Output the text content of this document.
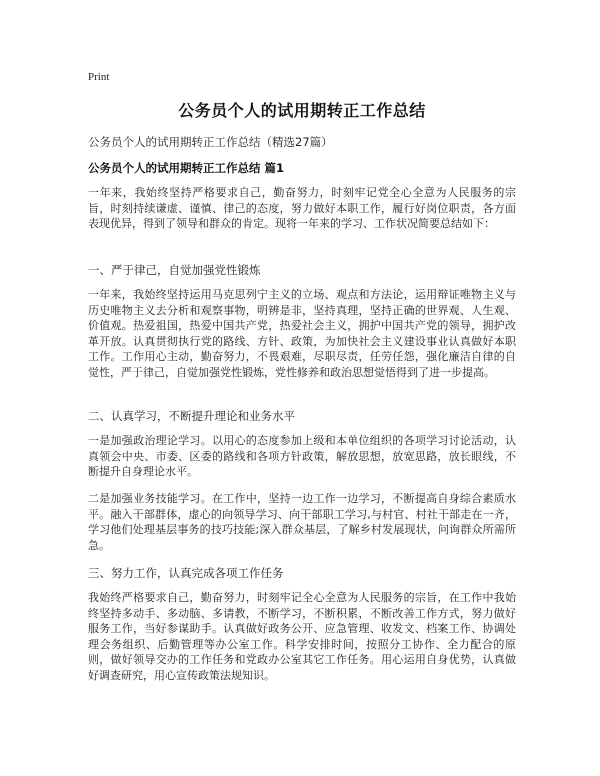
Print
公务员个人的试用期转正工作总结
公务员个人的试用期转正工作总结（精选27篇）
公务员个人的试用期转正工作总结 篇1
一年来，我始终坚持严格要求自己，勤奋努力，时刻牢记党全心全意为人民服务的宗旨，时刻持续谦虚、谨慎、律己的态度，努力做好本职工作，履行好岗位职责，各方面表现优异，得到了领导和群众的肯定。现将一年来的学习、工作状况简要总结如下：
一、严于律己，自觉加强党性锻炼
一年来，我始终坚持运用马克思列宁主义的立场、观点和方法论，运用辩证唯物主义与历史唯物主义去分析和观察事物，明辨是非，坚持真理，坚持正确的世界观、人生观、价值观。热爱祖国，热爱中国共产党，热爱社会主义，拥护中国共产党的领导，拥护改革开放。认真贯彻执行党的路线、方针、政策，为加快社会主义建设事业认真做好本职工作。工作用心主动，勤奋努力，不畏艰难，尽职尽责，任劳任怨，强化廉洁自律的自觉性，严于律己，自觉加强党性锻炼，党性修养和政治思想觉悟得到了进一步提高。
二、认真学习，不断提升理论和业务水平
一是加强政治理论学习。以用心的态度参加上级和本单位组织的各项学习讨论活动，认真领会中央、市委、区委的路线和各项方针政策，解放思想，放宽思路，放长眼线，不断提升自身理论水平。
二是加强业务技能学习。在工作中，坚持一边工作一边学习，不断提高自身综合素质水平。融入干部群体，虚心的向领导学习、向干部职工学习,与村官、村社干部走在一齐，学习他们处理基层事务的技巧技能;深入群众基层，了解乡村发展现状，问询群众所需所急。
三、努力工作，认真完成各项工作任务
我始终严格要求自己，勤奋努力，时刻牢记全心全意为人民服务的宗旨，在工作中我始终坚持多动手、多动脑、多请教，不断学习，不断积累，不断改善工作方式，努力做好服务工作，当好参谋助手。认真做好政务公开、应急管理、收发文、档案工作、协调处理会务组织、后勤管理等办公室工作。科学安排时间，按照分工协作、全力配合的原则，做好领导交办的工作任务和党政办公室其它工作任务。用心运用自身优势，认真做好调查研究，用心宣传政策法规知识。
